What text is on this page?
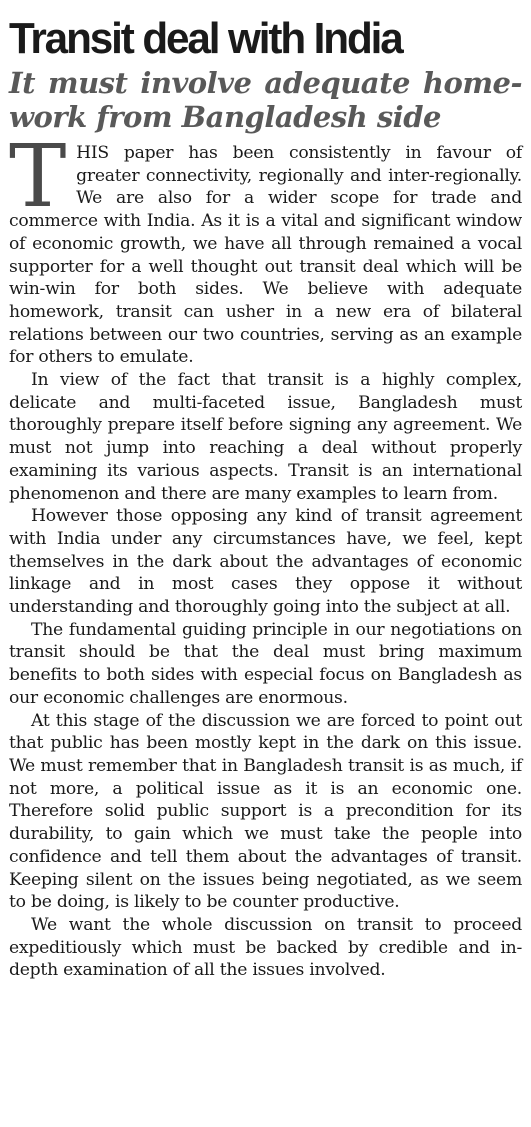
Transit deal with India
It must involve adequate home-work from Bangladesh side

THIS paper has been consistently in favour of greater connectivity, regionally and inter-regionally. We are also for a wider scope for trade and commerce with India. As it is a vital and significant window of economic growth, we have all through remained a vocal supporter for a well thought out transit deal which will be win-win for both sides. We believe with adequate homework, transit can usher in a new era of bilateral relations between our two countries, serving as an example for others to emulate.

In view of the fact that transit is a highly complex, delicate and multi-faceted issue, Bangladesh must thoroughly prepare itself before signing any agreement. We must not jump into reaching a deal without properly examining its various aspects. Transit is an international phenomenon and there are many examples to learn from.

However those opposing any kind of transit agreement with India under any circumstances have, we feel, kept themselves in the dark about the advantages of economic linkage and in most cases they oppose it without understanding and thoroughly going into the subject at all.

The fundamental guiding principle in our negotiations on transit should be that the deal must bring maximum benefits to both sides with especial focus on Bangladesh as our economic challenges are enormous.

At this stage of the discussion we are forced to point out that public has been mostly kept in the dark on this issue. We must remember that in Bangladesh transit is as much, if not more, a political issue as it is an economic one. Therefore solid public support is a precondition for its durability, to gain which we must take the people into confidence and tell them about the advantages of transit. Keeping silent on the issues being negotiated, as we seem to be doing, is likely to be counter productive.

We want the whole discussion on transit to proceed expeditiously which must be backed by credible and in-depth examination of all the issues involved.
